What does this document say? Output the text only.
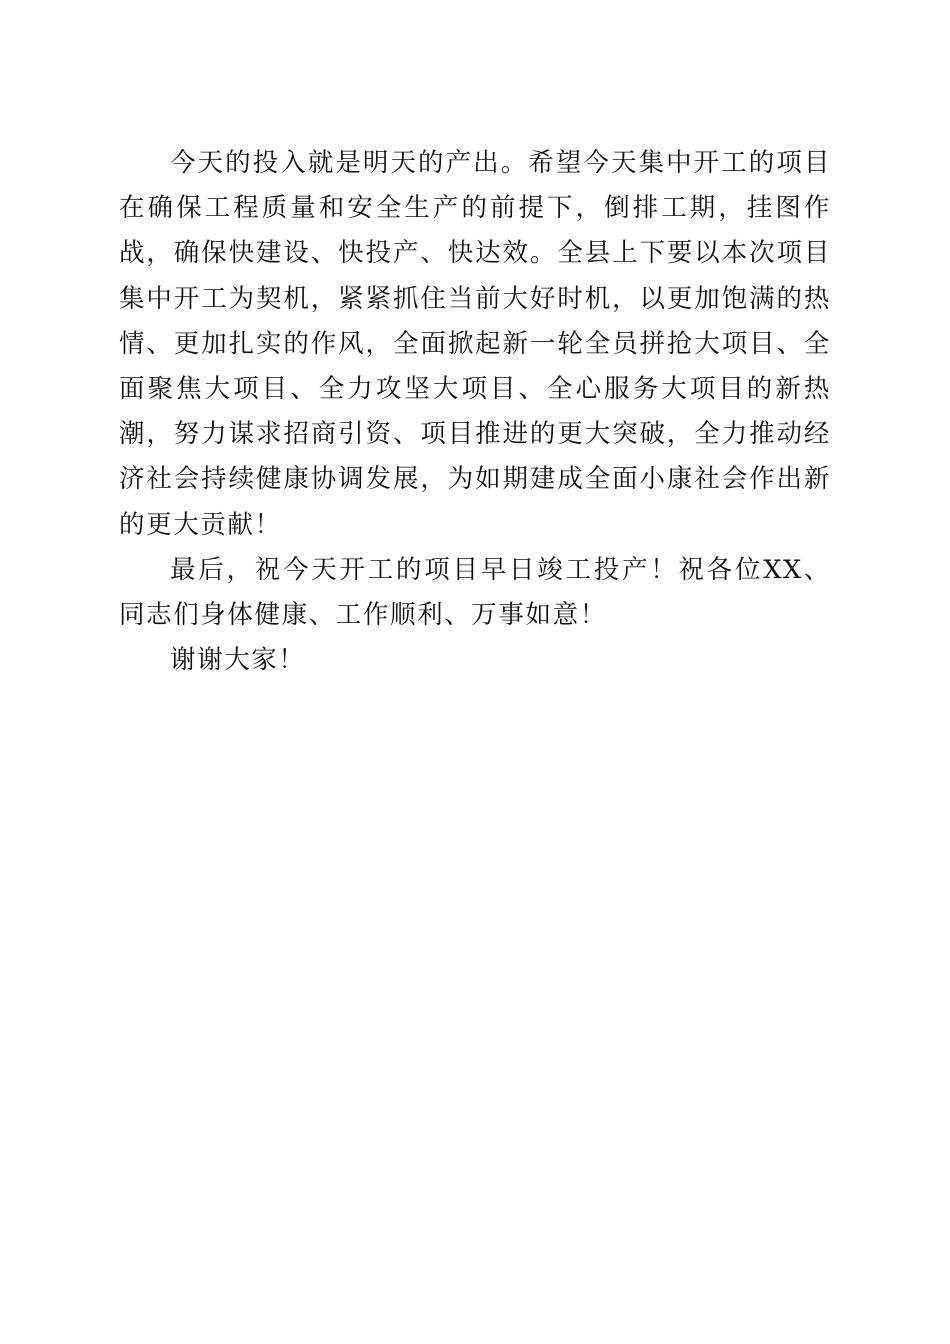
今天的投入就是明天的产出。希望今天集中开工的项目在确保工程质量和安全生产的前提下，倒排工期，挂图作战，确保快建设、快投产、快达效。全县上下要以本次项目集中开工为契机，紧紧抓住当前大好时机，以更加饱满的热情、更加扎实的作风，全面掀起新一轮全员拼抢大项目、全面聚焦大项目、全力攻坚大项目、全心服务大项目的新热潮，努力谋求招商引资、项目推进的更大突破，全力推动经济社会持续健康协调发展，为如期建成全面小康社会作出新的更大贡献！

最后，祝今天开工的项目早日竣工投产！祝各位XX、同志们身体健康、工作顺利、万事如意！

谢谢大家！
